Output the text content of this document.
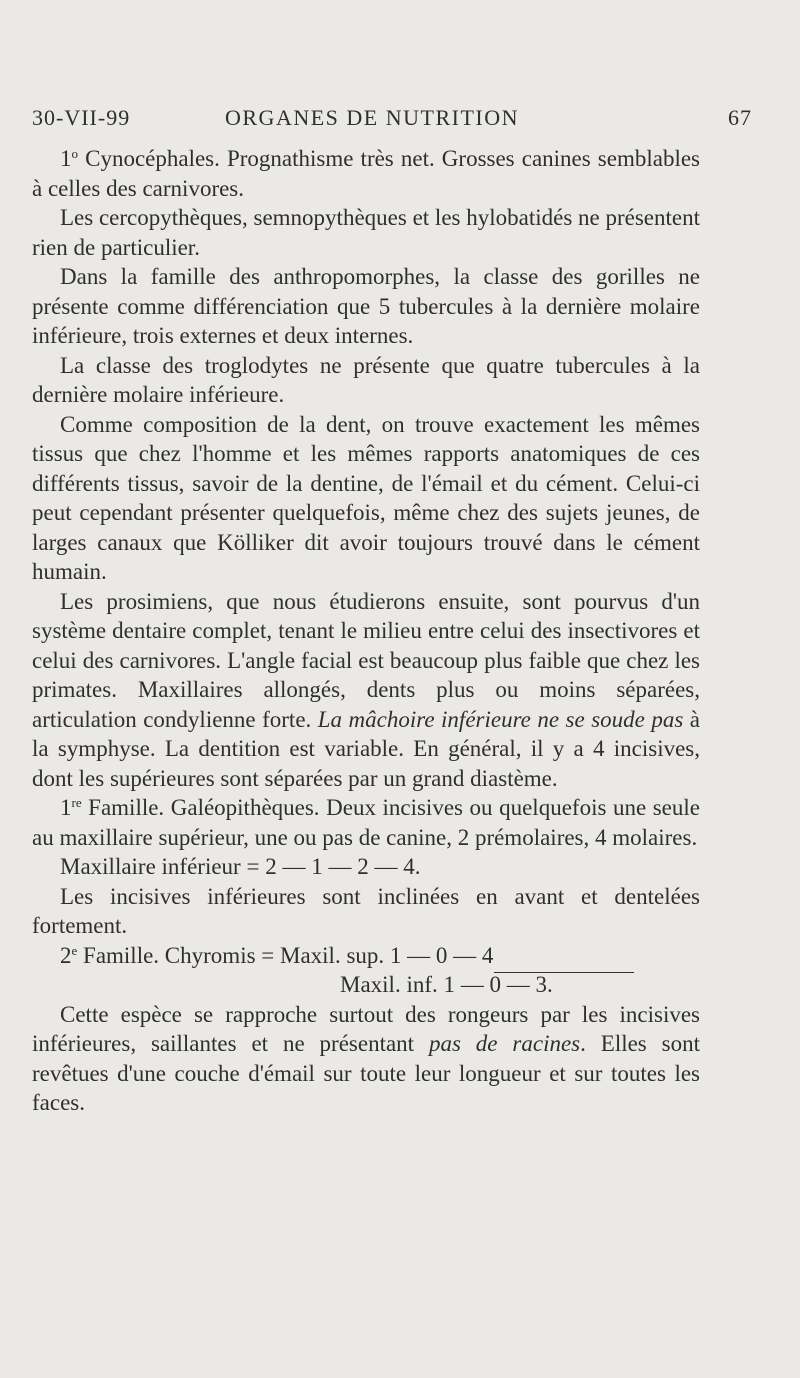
30-VII-99	ORGANES DE NUTRITION	67

1$^o$ Cynocéphales. Prognathisme très net. Grosses canines semblables à celles des carnivores.

Les cercopythèques, semnopythèques et les hylobatidés ne présentent rien de particulier.

Dans la famille des anthropomorphes, la classe des gorilles ne présente comme différenciation que 5 tubercules à la dernière molaire inférieure, trois externes et deux internes.

La classe des troglodytes ne présente que quatre tubercules à la dernière molaire inférieure.

Comme composition de la dent, on trouve exactement les mêmes tissus que chez l'homme et les mêmes rapports anatomiques de ces différents tissus, savoir de la dentine, de l'émail et du cément. Celui-ci peut cependant présenter quelquefois, même chez des sujets jeunes, de larges canaux que Kölliker dit avoir toujours trouvé dans le cément humain.

Les prosimiens, que nous étudierons ensuite, sont pourvus d'un système dentaire complet, tenant le milieu entre celui des insectivores et celui des carnivores. L'angle facial est beaucoup plus faible que chez les primates. Maxillaires allongés, dents plus ou moins séparées, articulation condylienne forte. La mâchoire inférieure ne se soude pas à la symphyse. La dentition est variable. En général, il y a 4 incisives, dont les supérieures sont séparées par un grand diastème.

1re Famille. Galéopithèques. Deux incisives ou quelquefois une seule au maxillaire supérieur, une ou pas de canine, 2 prémolaires, 4 molaires.

Maxillaire inférieur = 2 — 1 — 2 — 4.

Les incisives inférieures sont inclinées en avant et dentelées fortement.

2e Famille. Chyromis = Maxil. sup. 1 — 0 — 4
Maxil. inf. 1 — 0 — 3.

Cette espèce se rapproche surtout des rongeurs par les incisives inférieures, saillantes et ne présentant pas de racines. Elles sont revêtues d'une couche d'émail sur toute leur longueur et sur toutes les faces.
